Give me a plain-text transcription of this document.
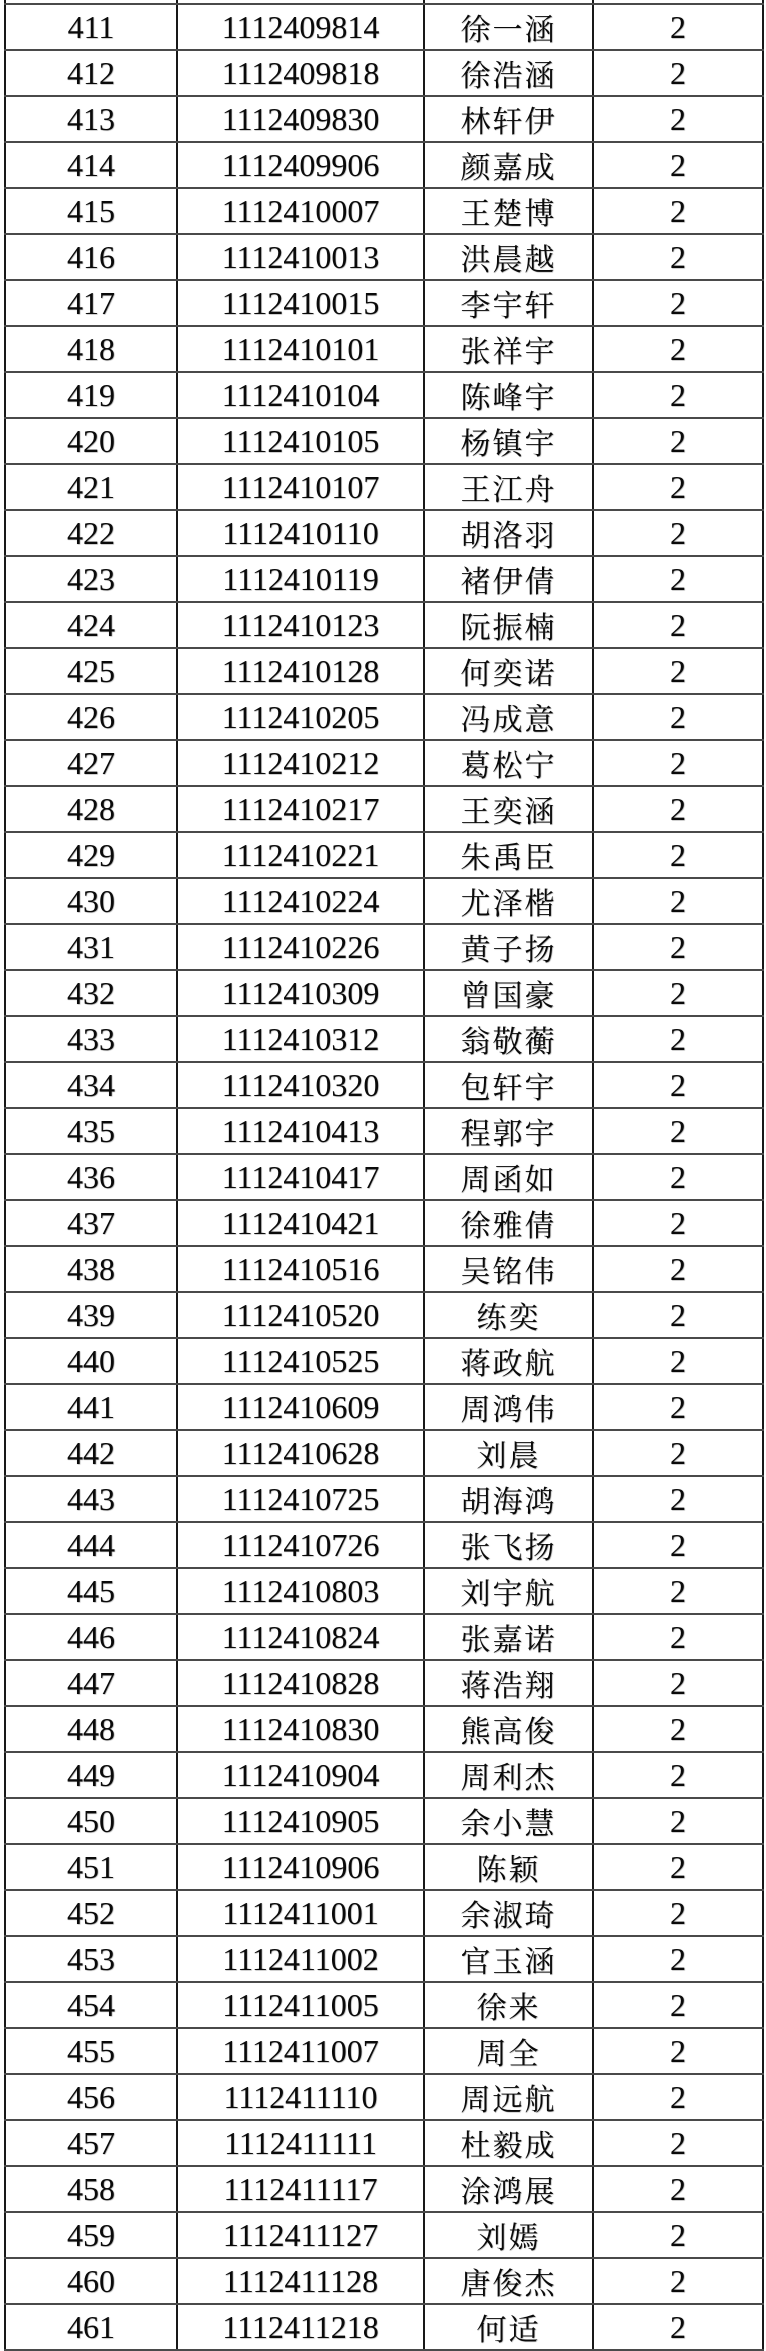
411	1112409814	徐一涵	2
412	1112409818	徐浩涵	2
413	1112409830	林轩伊	2
414	1112409906	颜嘉成	2
415	1112410007	王楚博	2
416	1112410013	洪晨越	2
417	1112410015	李宇轩	2
418	1112410101	张祥宇	2
419	1112410104	陈峰宇	2
420	1112410105	杨镇宇	2
421	1112410107	王江舟	2
422	1112410110	胡洛羽	2
423	1112410119	褚伊倩	2
424	1112410123	阮振楠	2
425	1112410128	何奕诺	2
426	1112410205	冯成意	2
427	1112410212	葛松宁	2
428	1112410217	王奕涵	2
429	1112410221	朱禹臣	2
430	1112410224	尤泽楷	2
431	1112410226	黄子扬	2
432	1112410309	曾国豪	2
433	1112410312	翁敬蘅	2
434	1112410320	包轩宇	2
435	1112410413	程郭宇	2
436	1112410417	周函如	2
437	1112410421	徐雅倩	2
438	1112410516	吴铭伟	2
439	1112410520	练奕	2
440	1112410525	蒋政航	2
441	1112410609	周鸿伟	2
442	1112410628	刘晨	2
443	1112410725	胡海鸿	2
444	1112410726	张飞扬	2
445	1112410803	刘宇航	2
446	1112410824	张嘉诺	2
447	1112410828	蒋浩翔	2
448	1112410830	熊高俊	2
449	1112410904	周利杰	2
450	1112410905	余小慧	2
451	1112410906	陈颖	2
452	1112411001	余淑琦	2
453	1112411002	官玉涵	2
454	1112411005	徐来	2
455	1112411007	周全	2
456	1112411110	周远航	2
457	1112411111	杜毅成	2
458	1112411117	涂鸿展	2
459	1112411127	刘嫣	2
460	1112411128	唐俊杰	2
461	1112411218	何适	2
